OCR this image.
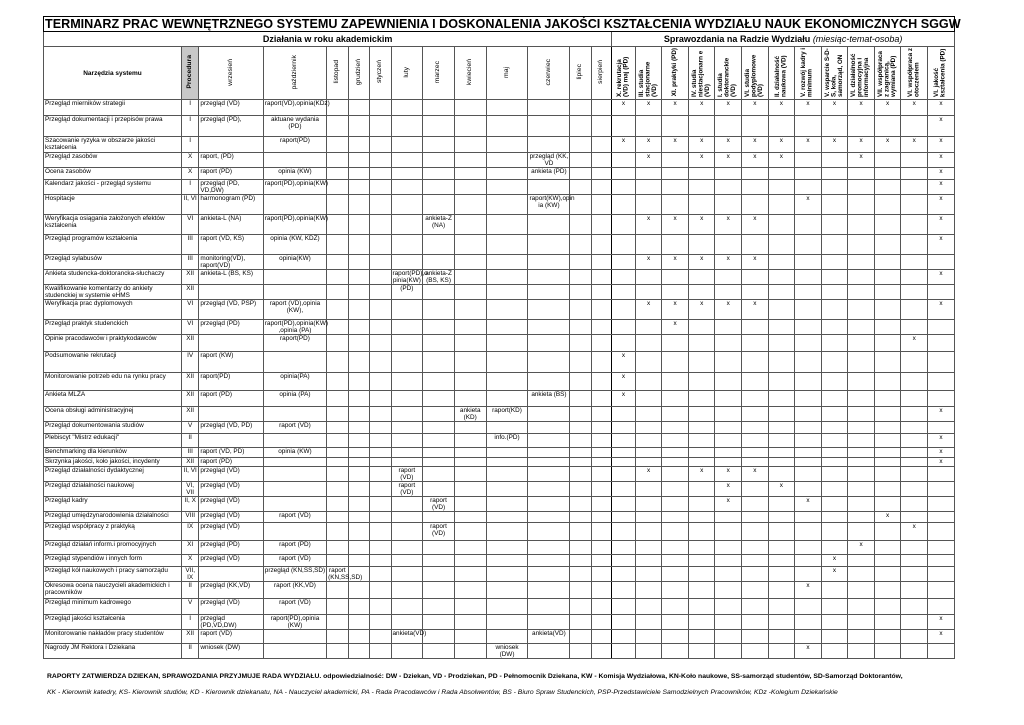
TERMINARZ PRAC WEWNĘTRZNEGO SYSTEMU ZAPEWNIENIA I DOSKONALENIA JAKOŚCI KSZTAŁCENIA WYDZIAŁU NAUK EKONOMICZNYCH SGGW																										
Działania w roku akademickim														Sprawozdania na Radzie Wydziału (miesiąc-temat-osoba)												
Narzędzia systemu	Procedura	wrzesień	październik	listopad	grudzień	styczeń	luty	marzec	kwiecień	maj	czerwiec	lipiec	sierpień	X. rekrutacja (VD) maj (PD)	III. studia stacjonarne (VD)	XI. praktyki (PD)	IV. studia niestacjonarn e (VD)	I. studia doktoranckie (VD)	VI. studia podyplomowe (VD)	II. działalność naukowa (VD)	V. rozwój kadry i minimum	V. wsparcie S-D-S, koła, samorząd, ON	VI. działalność promocyjna i informacyjna	VII. współpraca z zagranicą, wymiana (PD)	VI. współpraca z otoczeniem	VI. jakość kształcenia (PD)
Przegląd mierników strategii	I	przegląd (VD)	raport(VD),opinia(KDz)											x	x	x	x	x	x	x	x	x	x	x	x	x
Przegląd dokumentacji i przepisów prawa	I	przegląd (PD),	aktuane wydania (PD)																							x
Szacowanie ryzyka w obszarze jakości kształcenia	I		raport(PD)											x	x	x	x	x	x	x	x	x	x	x	x	x
Przegląd zasobów	X	raport, (PD)									przegląd (KK, VD				x		x	x	x	x			x			x
Ocena zasobów	X	raport (PD)	opinia (KW)								ankieta (PD)															x
Kalendarz jakości - przegląd systemu	I	przegląd (PD, VD,DW)	raport(PD),opinia(KW)																							x
Hospitacje	II, VI	harmonogram (PD)									raport(KW),opin ia (KW)										x					x
Weryfikacja osiągania założonych efektów kształcenia	VI	ankieta-L (NA)	raport(PD),opinia(KW)					ankieta-Z (NA)							x	x	x	x	x							x
Przegląd programów kształcenia	III	raport (VD, KS)	opinia (KW, KDZ)																							x
Przegląd sylabusów	III	monitoring(VD), raport(VD)	opinia(KW)												x	x	x	x	x							
Ankieta studencka-doktorancka-słuchaczy	XII	ankieta-L (BS, KS)					raport(PD),o pinia(KW)	ankieta-Z (BS, KS)																		x
Kwalifikowanie komentarzy do ankiety studenckiej w systemie eHMS	XII						(PD)																			
Weryfikacja prac dyplomowych	VI	przegląd (VD, PSP)	raport (VD),opinia (KW),												x	x	x	x	x							x
Przegląd praktyk studenckich	VI	przegląd (PD)	raport(PD),opinia(KW) ,opinia (PA)													x										
Opinie pracodawców i praktykodawców	XII		raport(PD)																						x	
Podsumowanie rekrutacji	IV	raport (KW)												x												
Monitorowanie potrzeb edu na rynku pracy	XII	raport(PD)	opinia(PA)											x												
Ankieta MLZA	XII	raport (PD)	opinia (PA)								ankieta (BS)			x												
Ocena obsługi administracyjnej	XII								ankieta (KD)	raport(KD)																x
Przegląd dokumentowania studiów	V	przegląd (VD, PD)	raport (VD)																							
Plebiscyt "Mistrz edukacji"	II									info.(PD)																x
Benchmarking dla kierunków	III	raport (VD, PD)	opinia (KW)																							x
Skrzynka jakości, koło jakości, incydenty	XII	raport (PD)																								x
Przegląd działalności dydaktycznej	II, VI	przegląd (VD)					raport (VD)								x		x	x	x							
Przegląd działalności naukowej	VI, VII	przegląd (VD)					raport (VD)											x		x						
Przegląd kadry	II, X	przegląd (VD)						raport (VD)										x			x					
Przegląd umiędzynarodowienia działalności	VIII	przegląd (VD)	raport (VD)																					x		
Przegląd współpracy z praktyką	IX	przegląd (VD)						raport (VD)																	x	
Przegląd działań inform.i promocyjnych	XI	przegląd (PD)	raport (PD)																				x			
Przegląd stypendiów i innych form	X	przegląd (VD)	raport (VD)																			x				
Przegląd kół naukowych i pracy samorządu	VII, IX		przegląd (KN,SS,SD)	raport (KN,SS,SD)																		x				
Okresowa ocena nauczycieli akademickich i pracowników	II	przegląd (KK,VD)	raport (KK,VD)																		x					
Przegląd minimum kadrowego	V	przegląd (VD)	raport (VD)																							
Przegląd jakości kształcenia	I	przegląd (PD,VD,DW)	raport(PD),opinia (KW)																							x
Monitorowanie nakładów pracy studentów	XII	raport (VD)					ankieta(VD)				ankieta(VD)															x
Nagrody JM Rektora i Dziekana	II	wniosek (DW)								wniosek (DW)											x					
RAPORTY ZATWIERDZA DZIEKAN, SPRAWOZDANIA PRZYJMUJE RADA WYDZIAŁU. odpowiedzialność: DW - Dziekan, VD - Prodziekan, PD - Pełnomocnik Dziekana, KW - Komisja Wydziałowa, KN-Koło naukowe, SS-samorząd studentów, SD-Samorząd Doktorantów,
KK - Kierownik katedry, KS- Kierownik studiów, KD - Kierownik dziekanatu, NA - Nauczyciel akademicki, PA - Rada Pracodawców i Rada Absolwentów, BS - Biuro Spraw Studenckich, PSP-Przedstawiciele Samodzielnych Pracowników, KDz -Kolegium Dziekańskie
